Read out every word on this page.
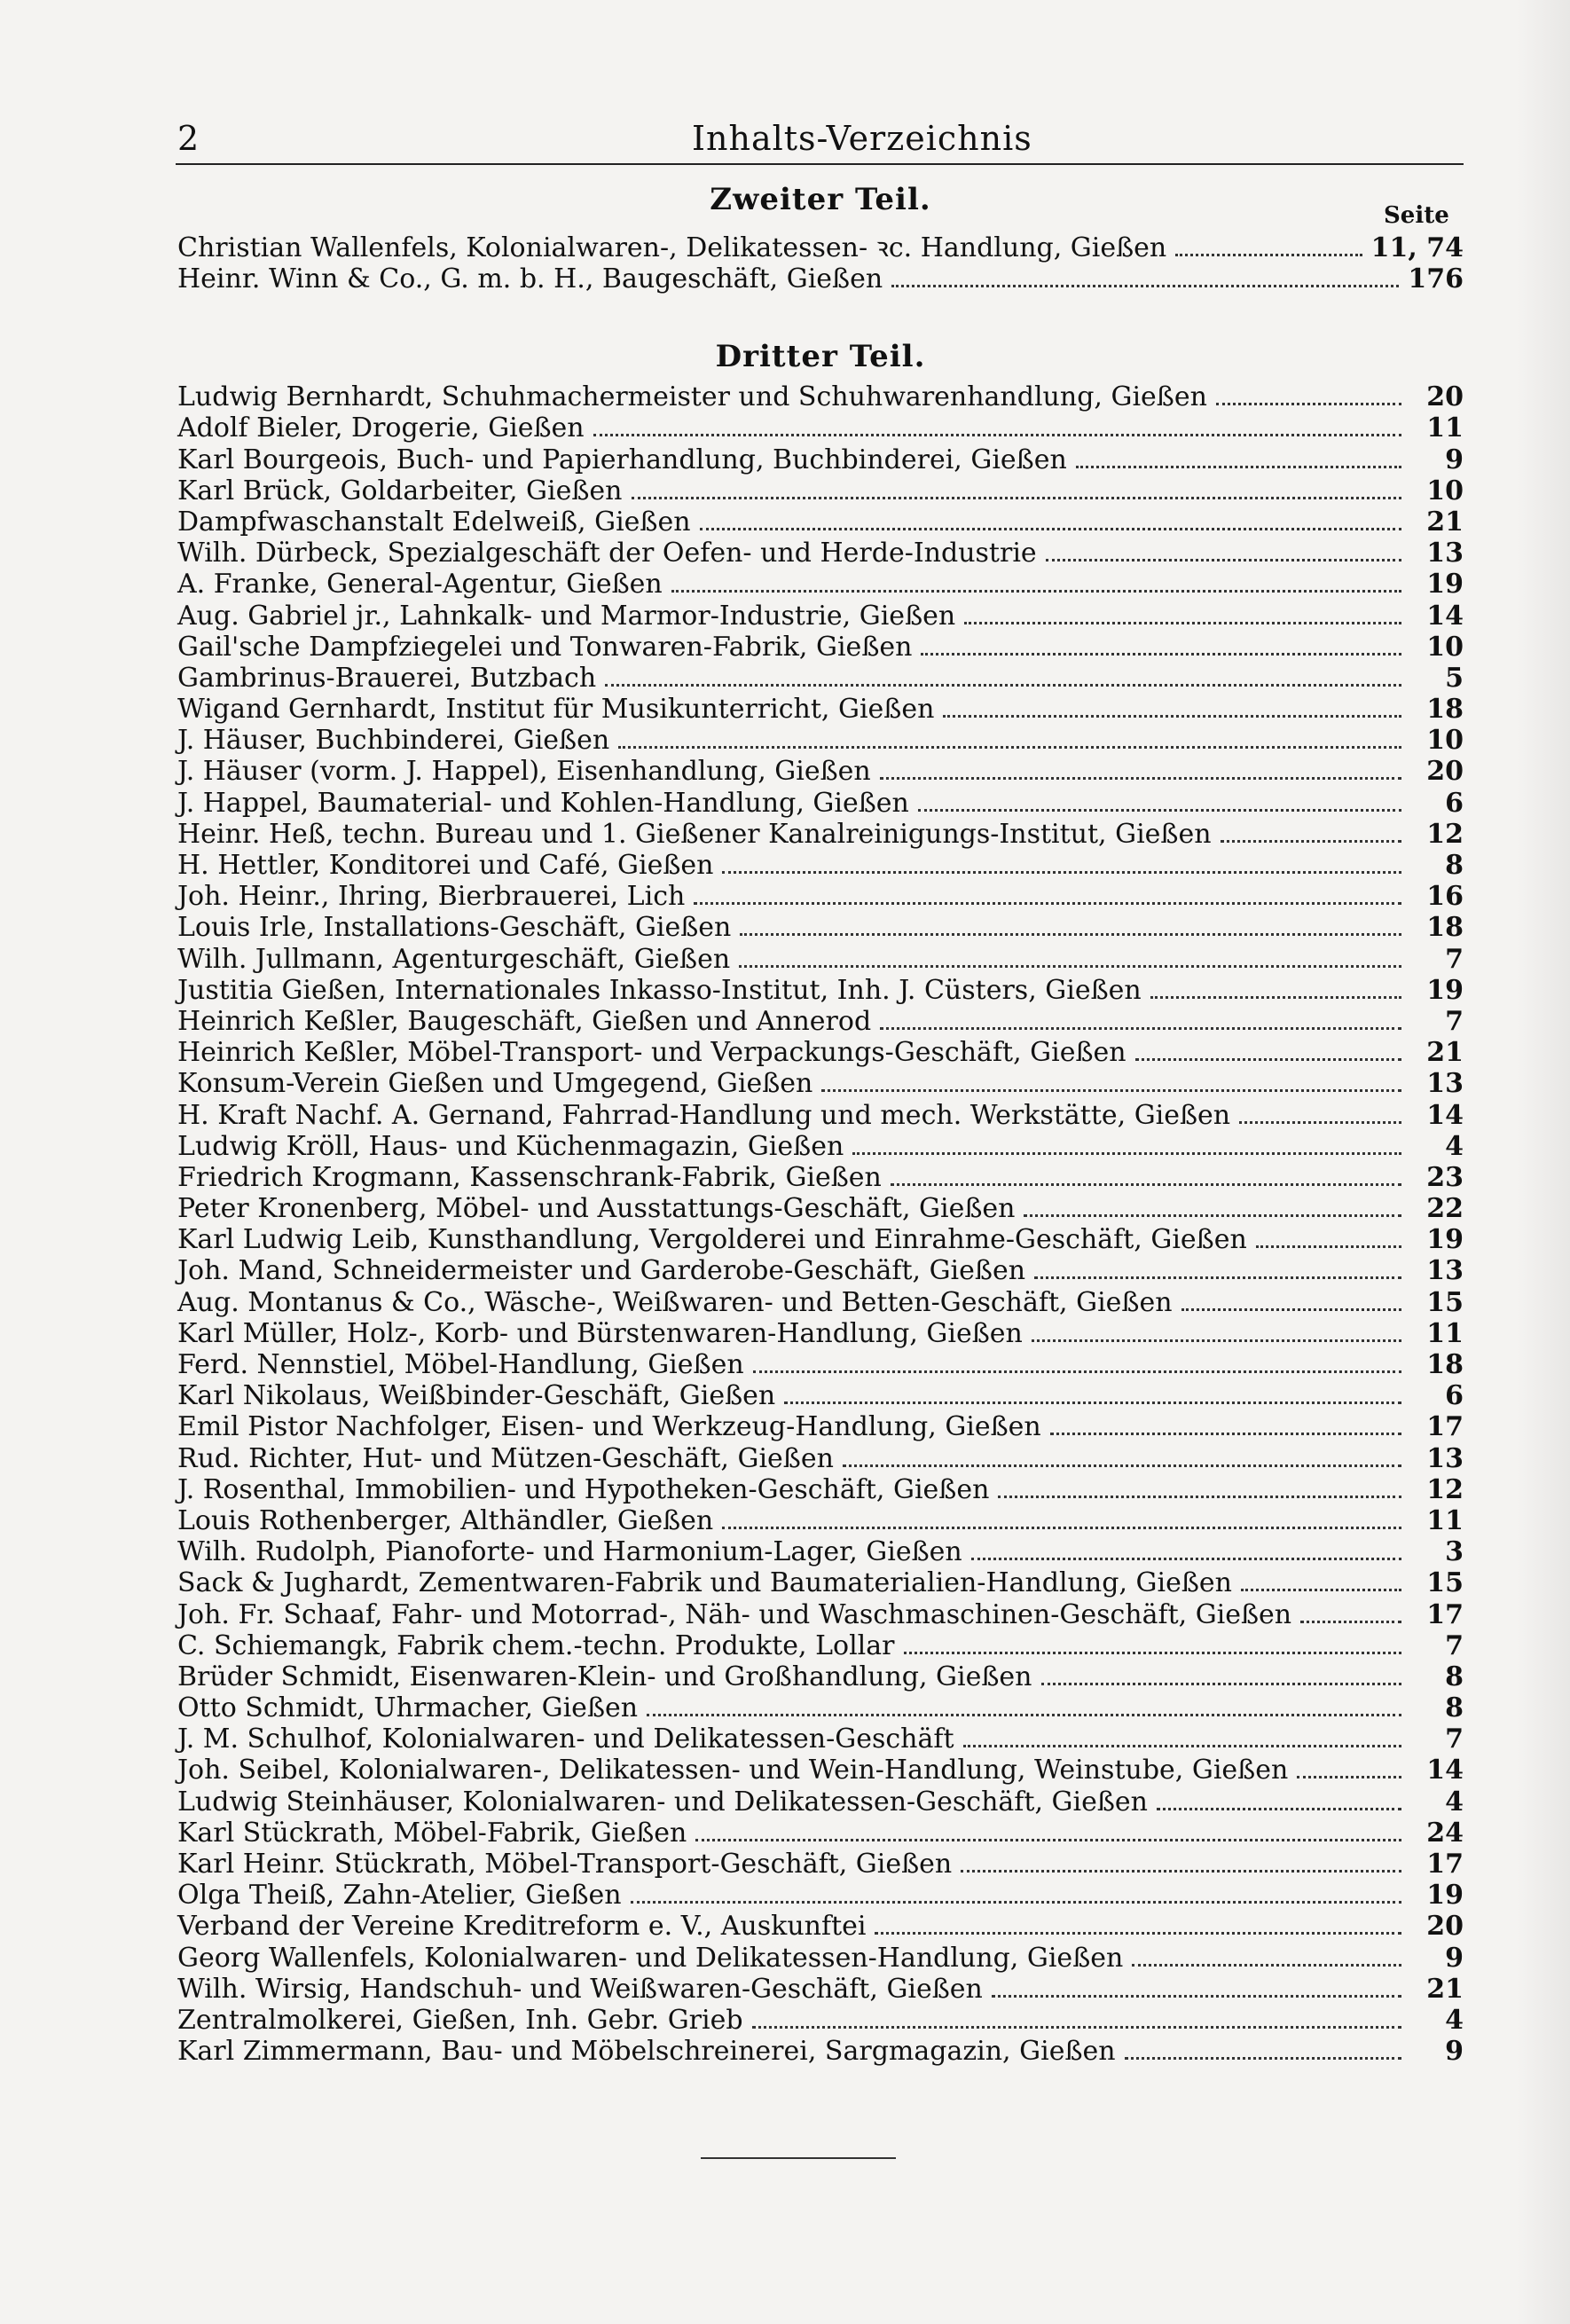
2	Inhalts-Verzeichnis
Zweiter Teil.	Seite
Christian Wallenfels, Kolonialwaren-, Delikatessen- ꝛc. Handlung, Gießen	11, 74
Heinr. Winn & Co., G. m. b. H., Baugeschäft, Gießen	176
Dritter Teil.
Ludwig Bernhardt, Schuhmachermeister und Schuhwarenhandlung, Gießen	20
Adolf Bieler, Drogerie, Gießen	11
Karl Bourgeois, Buch- und Papierhandlung, Buchbinderei, Gießen	9
Karl Brück, Goldarbeiter, Gießen	10
Dampfwaschanstalt Edelweiß, Gießen	21
Wilh. Dürbeck, Spezialgeschäft der Oefen- und Herde-Industrie	13
A. Franke, General-Agentur, Gießen	19
Aug. Gabriel jr., Lahnkalk- und Marmor-Industrie, Gießen	14
Gail'sche Dampfziegelei und Tonwaren-Fabrik, Gießen	10
Gambrinus-Brauerei, Butzbach	5
Wigand Gernhardt, Institut für Musikunterricht, Gießen	18
J. Häuser, Buchbinderei, Gießen	10
J. Häuser (vorm. J. Happel), Eisenhandlung, Gießen	20
J. Happel, Baumaterial- und Kohlen-Handlung, Gießen	6
Heinr. Heß, techn. Bureau und 1. Gießener Kanalreinigungs-Institut, Gießen	12
H. Hettler, Konditorei und Café, Gießen	8
Joh. Heinr., Ihring, Bierbrauerei, Lich	16
Louis Irle, Installations-Geschäft, Gießen	18
Wilh. Jullmann, Agenturgeschäft, Gießen	7
Justitia Gießen, Internationales Inkasso-Institut, Inh. J. Cüsters, Gießen	19
Heinrich Keßler, Baugeschäft, Gießen und Annerod	7
Heinrich Keßler, Möbel-Transport- und Verpackungs-Geschäft, Gießen	21
Konsum-Verein Gießen und Umgegend, Gießen	13
H. Kraft Nachf. A. Gernand, Fahrrad-Handlung und mech. Werkstätte, Gießen	14
Ludwig Kröll, Haus- und Küchenmagazin, Gießen	4
Friedrich Krogmann, Kassenschrank-Fabrik, Gießen	23
Peter Kronenberg, Möbel- und Ausstattungs-Geschäft, Gießen	22
Karl Ludwig Leib, Kunsthandlung, Vergolderei und Einrahme-Geschäft, Gießen	19
Joh. Mand, Schneidermeister und Garderobe-Geschäft, Gießen	13
Aug. Montanus & Co., Wäsche-, Weißwaren- und Betten-Geschäft, Gießen	15
Karl Müller, Holz-, Korb- und Bürstenwaren-Handlung, Gießen	11
Ferd. Nennstiel, Möbel-Handlung, Gießen	18
Karl Nikolaus, Weißbinder-Geschäft, Gießen	6
Emil Pistor Nachfolger, Eisen- und Werkzeug-Handlung, Gießen	17
Rud. Richter, Hut- und Mützen-Geschäft, Gießen	13
J. Rosenthal, Immobilien- und Hypotheken-Geschäft, Gießen	12
Louis Rothenberger, Althändler, Gießen	11
Wilh. Rudolph, Pianoforte- und Harmonium-Lager, Gießen	3
Sack & Jughardt, Zementwaren-Fabrik und Baumaterialien-Handlung, Gießen	15
Joh. Fr. Schaaf, Fahr- und Motorrad-, Näh- und Waschmaschinen-Geschäft, Gießen	17
C. Schiemangk, Fabrik chem.-techn. Produkte, Lollar	7
Brüder Schmidt, Eisenwaren-Klein- und Großhandlung, Gießen	8
Otto Schmidt, Uhrmacher, Gießen	8
J. M. Schulhof, Kolonialwaren- und Delikatessen-Geschäft	7
Joh. Seibel, Kolonialwaren-, Delikatessen- und Wein-Handlung, Weinstube, Gießen	14
Ludwig Steinhäuser, Kolonialwaren- und Delikatessen-Geschäft, Gießen	4
Karl Stückrath, Möbel-Fabrik, Gießen	24
Karl Heinr. Stückrath, Möbel-Transport-Geschäft, Gießen	17
Olga Theiß, Zahn-Atelier, Gießen	19
Verband der Vereine Kreditreform e. V., Auskunftei	20
Georg Wallenfels, Kolonialwaren- und Delikatessen-Handlung, Gießen	9
Wilh. Wirsig, Handschuh- und Weißwaren-Geschäft, Gießen	21
Zentralmolkerei, Gießen, Inh. Gebr. Grieb	4
Karl Zimmermann, Bau- und Möbelschreinerei, Sargmagazin, Gießen	9
